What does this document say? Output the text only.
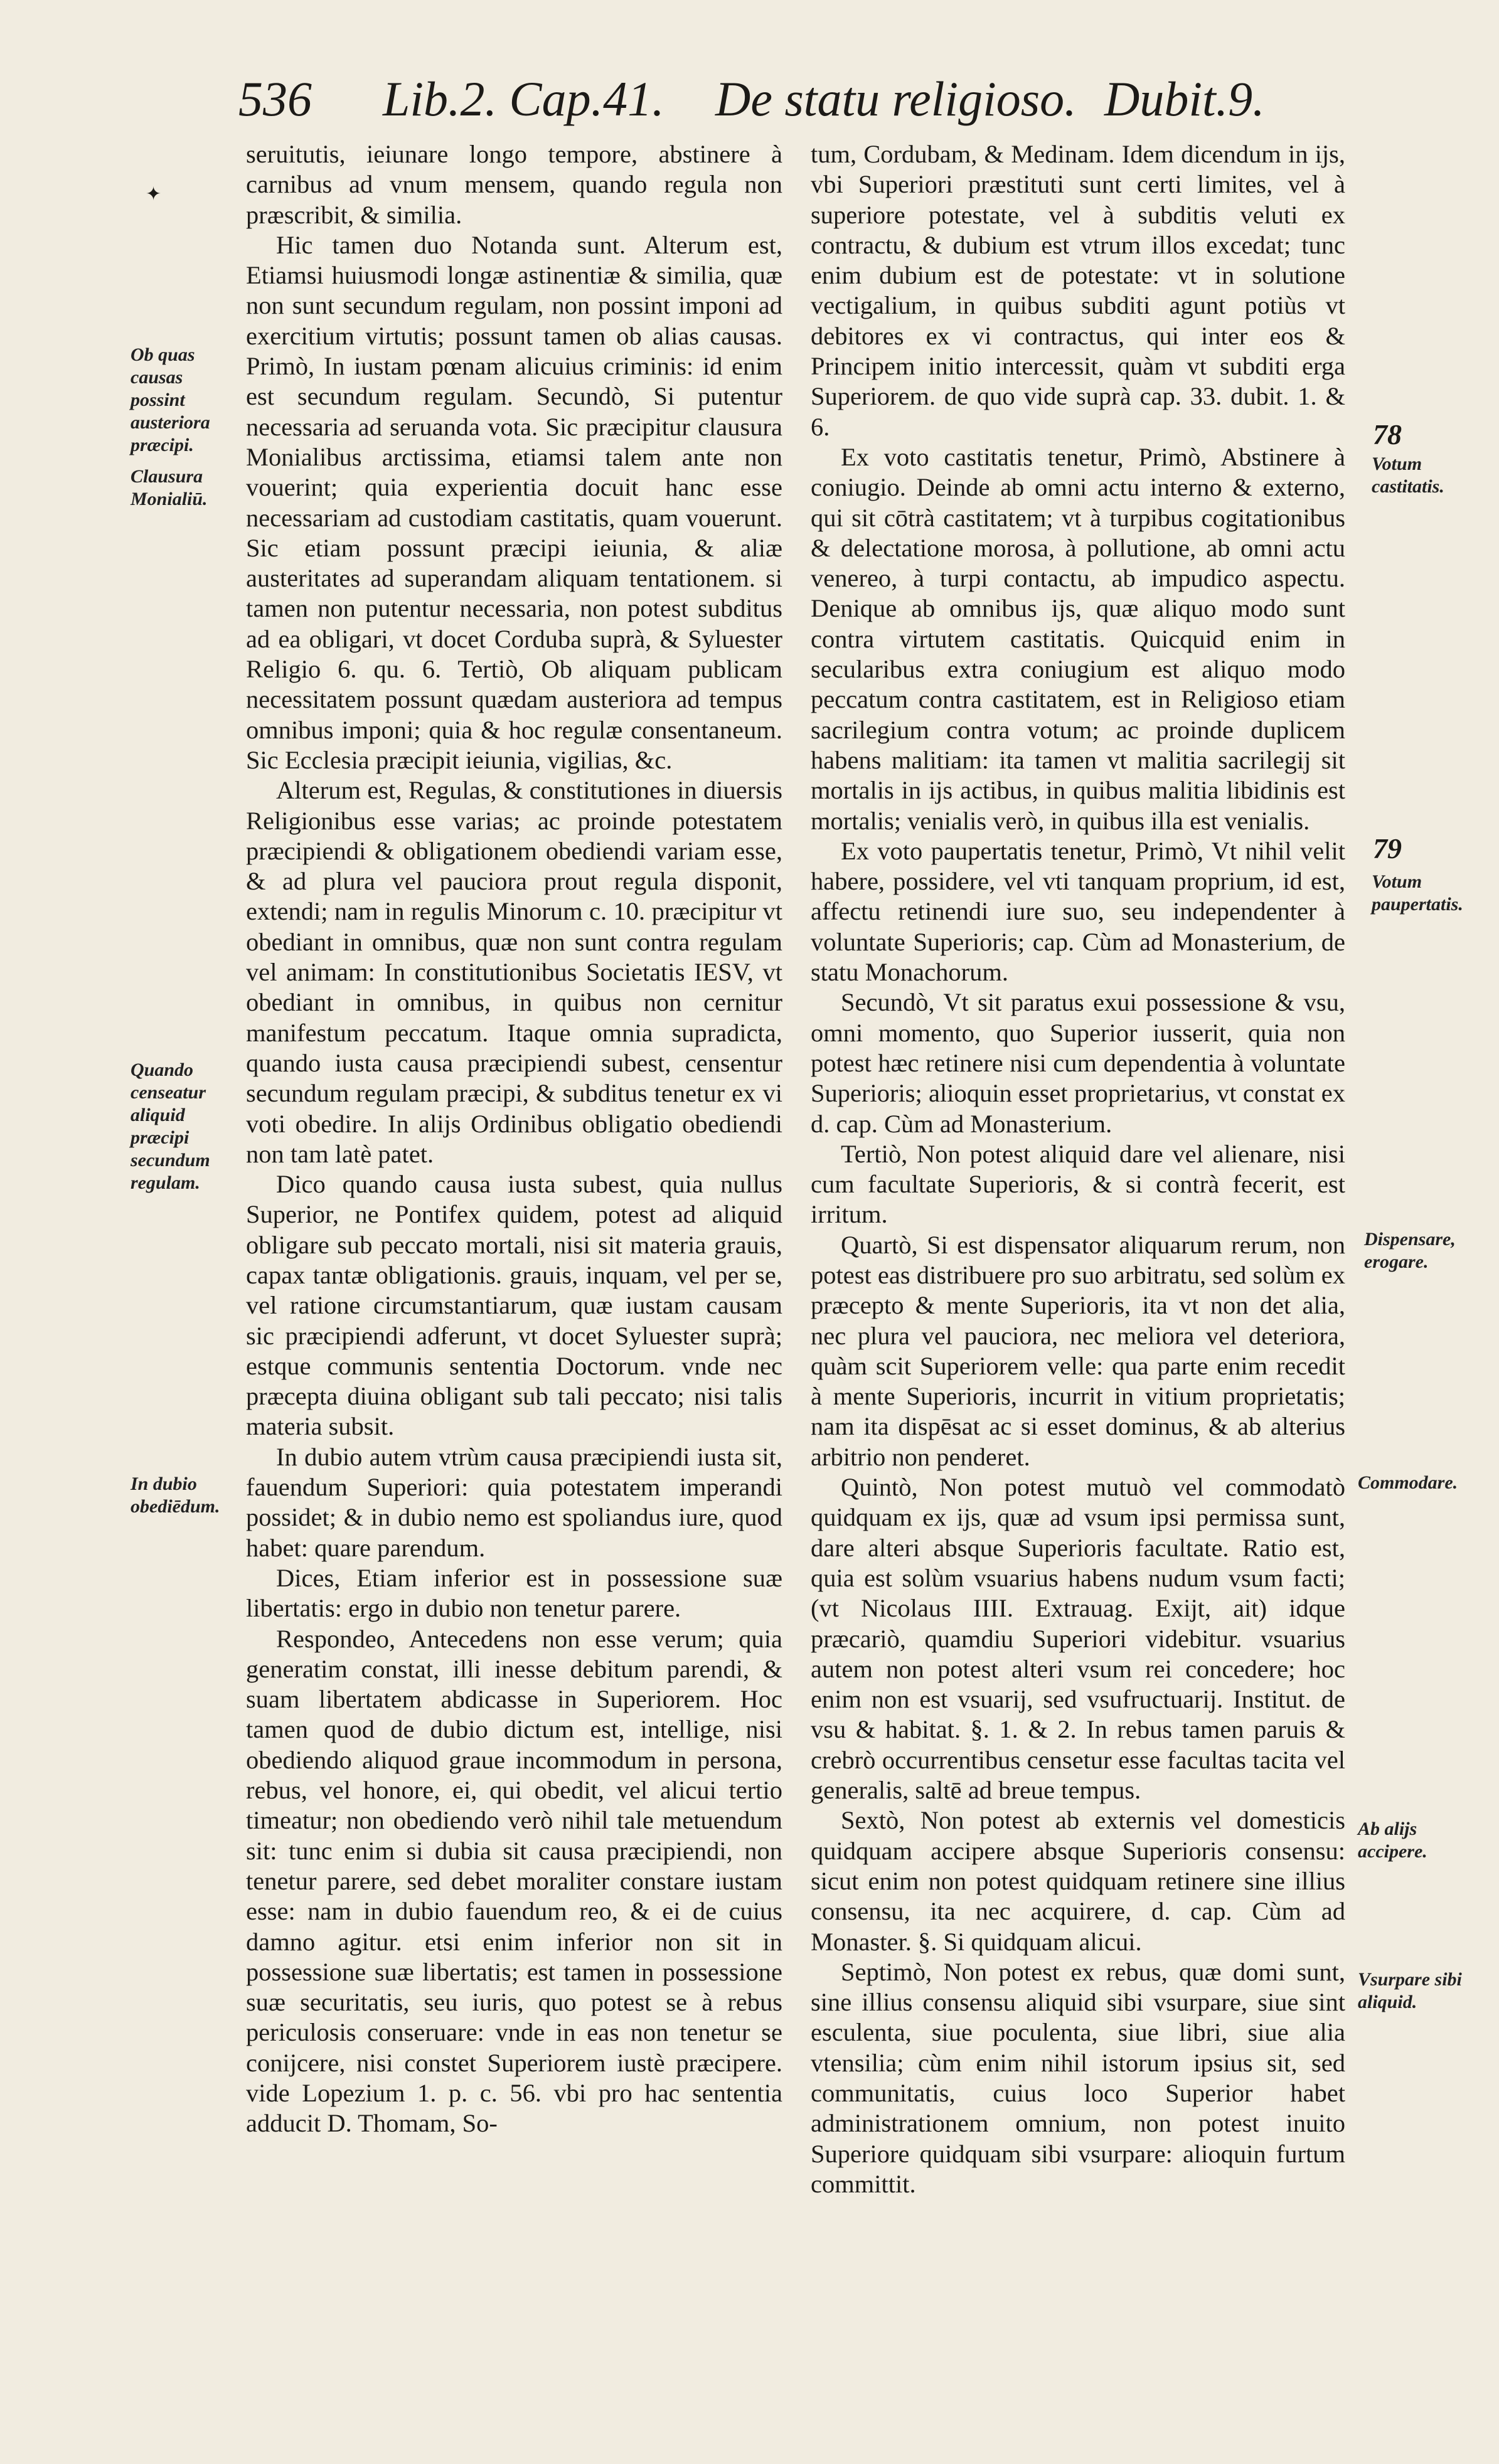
536 Lib.2. Cap.41. De statu religioso. Dubit.9.
✦

seruitutis, ieiunare longo tempore, abstinere à carnibus ad vnum mensem, quando regula non præscribit, & similia.

Hic tamen duo Notanda sunt. Alterum est, Etiamsi huiusmodi longæ astinentiæ & similia, quæ non sunt secundum regulam, non possint imponi ad exercitium virtutis; possunt tamen ob alias causas. Primò, In iustam pœnam alicuius criminis: id enim est secundum regulam. Secundò, Si putentur necessaria ad seruanda vota. Sic præcipitur clausura Monialibus arctissima, etiamsi talem ante non vouerint; quia experientia docuit hanc esse necessariam ad custodiam castitatis, quam vouerunt. Sic etiam possunt præcipi ieiunia, & aliæ austeritates ad superandam aliquam tentationem. si tamen non putentur necessaria, non potest subditus ad ea obligari, vt docet Corduba suprà, & Syluester Religio 6. qu. 6. Tertiò, Ob aliquam publicam necessitatem possunt quædam austeriora ad tempus omnibus imponi; quia & hoc regulæ consentaneum. Sic Ecclesia præcipit ieiunia, vigilias, &c.

Alterum est, Regulas, & constitutiones in diuersis Religionibus esse varias; ac proinde potestatem præcipiendi & obligationem obediendi variam esse, & ad plura vel pauciora prout regula disponit, extendi; nam in regulis Minorum c. 10. præcipitur vt obediant in omnibus, quæ non sunt contra regulam vel animam: In constitutionibus Societatis IESV, vt obediant in omnibus, in quibus non cernitur manifestum peccatum. Itaque omnia supradicta, quando iusta causa præcipiendi subest, censentur secundum regulam præcipi, & subditus tenetur ex vi voti obedire. In alijs Ordinibus obligatio obediendi non tam latè patet.

Dico quando causa iusta subest, quia nullus Superior, ne Pontifex quidem, potest ad aliquid obligare sub peccato mortali, nisi sit materia grauis, capax tantæ obligationis. grauis, inquam, vel per se, vel ratione circumstantiarum, quæ iustam causam sic præcipiendi adferunt, vt docet Syluester suprà; estque communis sententia Doctorum. vnde nec præcepta diuina obligant sub tali peccato; nisi talis materia subsit.

In dubio autem vtrùm causa præcipiendi iusta sit, fauendum Superiori: quia potestatem imperandi possidet; & in dubio nemo est spoliandus iure, quod habet: quare parendum.

Dices, Etiam inferior est in possessione suæ libertatis: ergo in dubio non tenetur parere.

Respondeo, Antecedens non esse verum; quia generatim constat, illi inesse debitum parendi, & suam libertatem abdicasse in Superiorem. Hoc tamen quod de dubio dictum est, intellige, nisi obediendo aliquod graue incommodum in persona, rebus, vel honore, ei, qui obedit, vel alicui tertio timeatur; non obediendo verò nihil tale metuendum sit: tunc enim si dubia sit causa præcipiendi, non tenetur parere, sed debet moraliter constare iustam esse: nam in dubio fauendum reo, & ei de cuius damno agitur. etsi enim inferior non sit in possessione suæ libertatis; est tamen in possessione suæ securitatis, seu iuris, quo potest se à rebus periculosis conseruare: vnde in eas non tenetur se conijcere, nisi constet Superiorem iustè præcipere. vide Lopezium 1. p. c. 56. vbi pro hac sententia adducit D. Thomam, So-

tum, Cordubam, & Medinam. Idem dicendum in ijs, vbi Superiori præstituti sunt certi limites, vel à superiore potestate, vel à subditis veluti ex contractu, & dubium est vtrum illos excedat; tunc enim dubium est de potestate: vt in solutione vectigalium, in quibus subditi agunt potiùs vt debitores ex vi contractus, qui inter eos & Principem initio intercessit, quàm vt subditi erga Superiorem. de quo vide suprà cap. 33. dubit. 1. & 6.

Ex voto castitatis tenetur, Primò, Abstinere à coniugio. Deinde ab omni actu interno & externo, qui sit cōtrà castitatem; vt à turpibus cogitationibus & delectatione morosa, à pollutione, ab omni actu venereo, à turpi contactu, ab impudico aspectu. Denique ab omnibus ijs, quæ aliquo modo sunt contra virtutem castitatis. Quicquid enim in secularibus extra coniugium est aliquo modo peccatum contra castitatem, est in Religioso etiam sacrilegium contra votum; ac proinde duplicem habens malitiam: ita tamen vt malitia sacrilegij sit mortalis in ijs actibus, in quibus malitia libidinis est mortalis; venialis verò, in quibus illa est venialis.

Ex voto paupertatis tenetur, Primò, Vt nihil velit habere, possidere, vel vti tanquam proprium, id est, affectu retinendi iure suo, seu independenter à voluntate Superioris; cap. Cùm ad Monasterium, de statu Monachorum.

Secundò, Vt sit paratus exui possessione & vsu, omni momento, quo Superior iusserit, quia non potest hæc retinere nisi cum dependentia à voluntate Superioris; alioquin esset proprietarius, vt constat ex d. cap. Cùm ad Monasterium.

Tertiò, Non potest aliquid dare vel alienare, nisi cum facultate Superioris, & si contrà fecerit, est irritum.

Quartò, Si est dispensator aliquarum rerum, non potest eas distribuere pro suo arbitratu, sed solùm ex præcepto & mente Superioris, ita vt non det alia, nec plura vel pauciora, nec meliora vel deteriora, quàm scit Superiorem velle: qua parte enim recedit à mente Superioris, incurrit in vitium proprietatis; nam ita dispēsat ac si esset dominus, & ab alterius arbitrio non penderet.

Quintò, Non potest mutuò vel commodatò quidquam ex ijs, quæ ad vsum ipsi permissa sunt, dare alteri absque Superioris facultate. Ratio est, quia est solùm vsuarius habens nudum vsum facti; (vt Nicolaus IIII. Extrauag. Exijt, ait) idque præcariò, quamdiu Superiori videbitur. vsuarius autem non potest alteri vsum rei concedere; hoc enim non est vsuarij, sed vsufructuarij. Institut. de vsu & habitat. §. 1. & 2. In rebus tamen paruis & crebrò occurrentibus censetur esse facultas tacita vel generalis, saltē ad breue tempus.

Sextò, Non potest ab externis vel domesticis quidquam accipere absque Superioris consensu: sicut enim non potest quidquam retinere sine illius consensu, ita nec acquirere, d. cap. Cùm ad Monaster. §. Si quidquam alicui.

Septimò, Non potest ex rebus, quæ domi sunt, sine illius consensu aliquid sibi vsurpare, siue sint esculenta, siue poculenta, siue libri, siue alia vtensilia; cùm enim nihil istorum ipsius sit, sed communitatis, cuius loco Superior habet administrationem omnium, non potest inuito Superiore quidquam sibi vsurpare: alioquin furtum committit.

Ob quas causas possint austeriora præcipi.
Clausura Monialiū.
Quando censeatur aliquid præcipi secundum regulam.
In dubio obediēdum.
78
Votum castitatis.
79
Votum paupertatis.
Dispensare, erogare.
Commodare.
Ab alijs accipere.
Vsurpare sibi aliquid.
